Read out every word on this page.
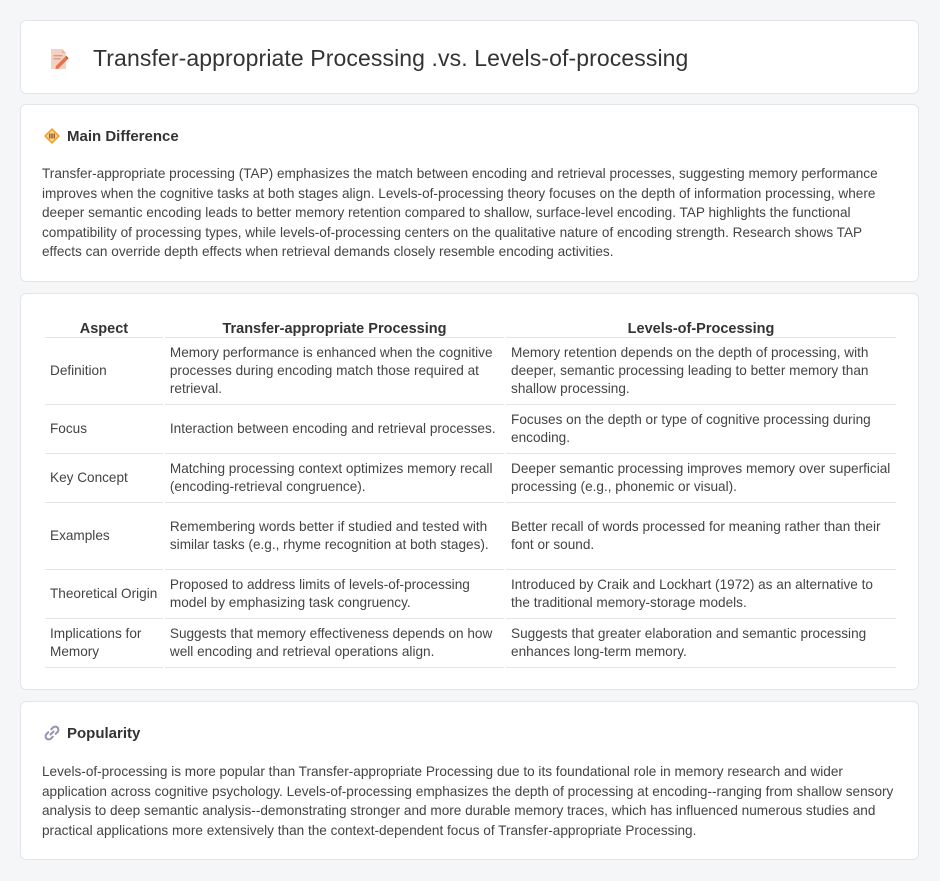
Transfer-appropriate Processing .vs. Levels-of-processing
Main Difference

Transfer-appropriate processing (TAP) emphasizes the match between encoding and retrieval processes, suggesting memory performance improves when the cognitive tasks at both stages align. Levels-of-processing theory focuses on the depth of information processing, where deeper semantic encoding leads to better memory retention compared to shallow, surface-level encoding. TAP highlights the functional compatibility of processing types, while levels-of-processing centers on the qualitative nature of encoding strength. Research shows TAP effects can override depth effects when retrieval demands closely resemble encoding activities.

Aspect	Transfer-appropriate Processing	Levels-of-Processing
Definition	Memory performance is enhanced when the cognitive processes during encoding match those required at retrieval.	Memory retention depends on the depth of processing, with deeper, semantic processing leading to better memory than shallow processing.
Focus	Interaction between encoding and retrieval processes.	Focuses on the depth or type of cognitive processing during encoding.
Key Concept	Matching processing context optimizes memory recall (encoding-retrieval congruence).	Deeper semantic processing improves memory over superficial processing (e.g., phonemic or visual).
Examples	Remembering words better if studied and tested with similar tasks (e.g., rhyme recognition at both stages).	Better recall of words processed for meaning rather than their font or sound.
Theoretical Origin	Proposed to address limits of levels-of-processing model by emphasizing task congruency.	Introduced by Craik and Lockhart (1972) as an alternative to the traditional memory-storage models.
Implications for Memory	Suggests that memory effectiveness depends on how well encoding and retrieval operations align.	Suggests that greater elaboration and semantic processing enhances long-term memory.
Popularity

Levels-of-processing is more popular than Transfer-appropriate Processing due to its foundational role in memory research and wider application across cognitive psychology. Levels-of-processing emphasizes the depth of processing at encoding--ranging from shallow sensory analysis to deep semantic analysis--demonstrating stronger and more durable memory traces, which has influenced numerous studies and practical applications more extensively than the context-dependent focus of Transfer-appropriate Processing.
